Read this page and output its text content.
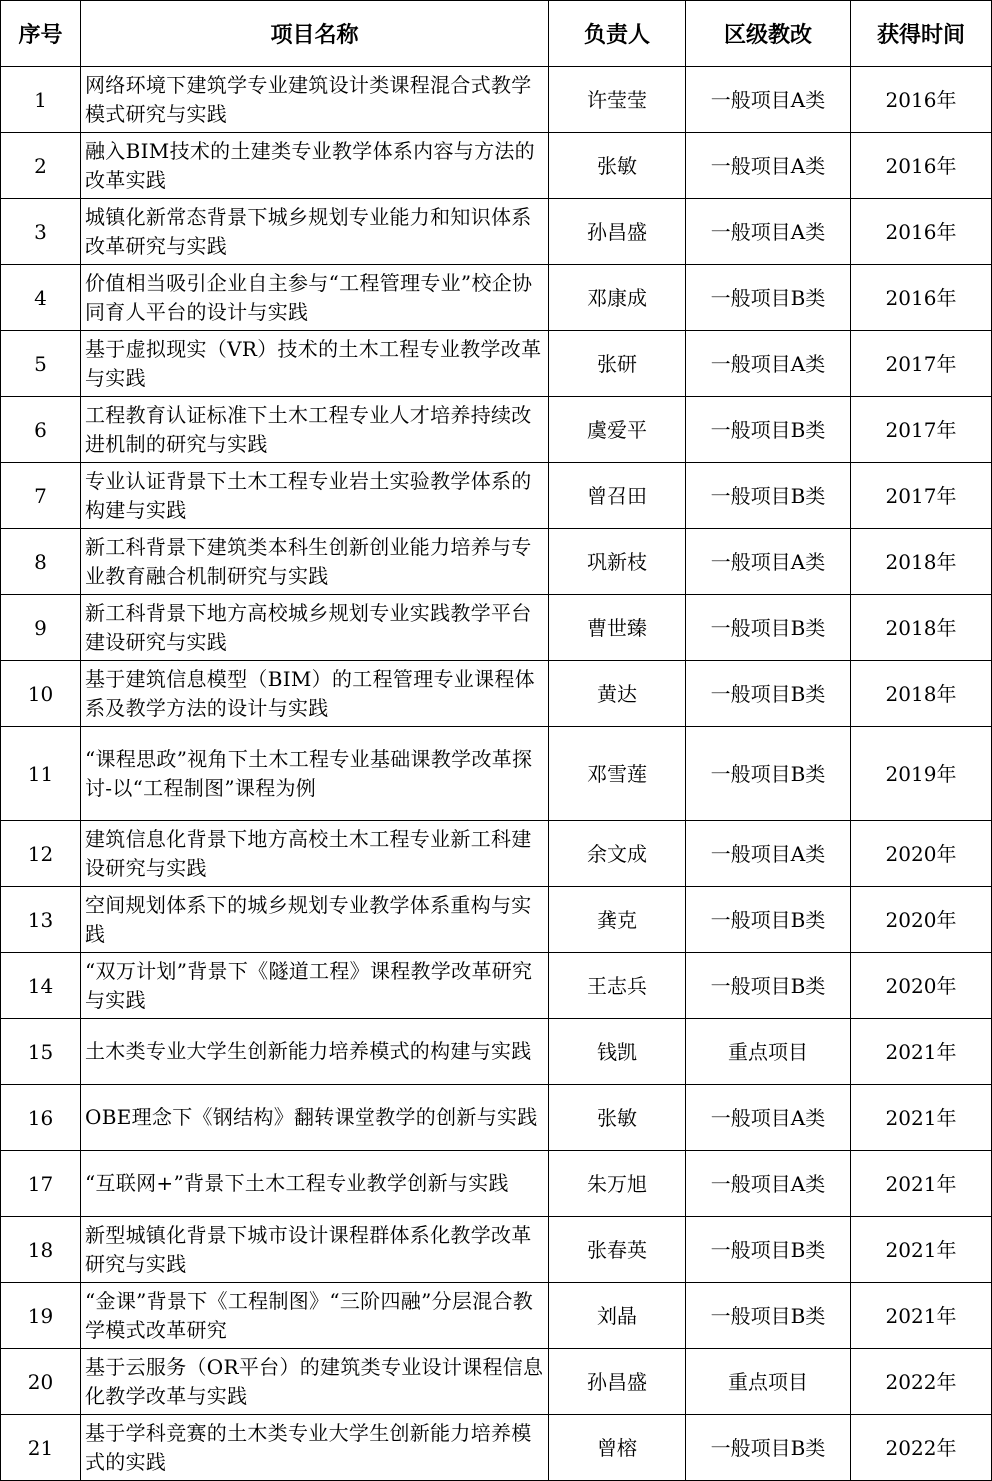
序号	项目名称	负责人	区级教改	获得时间
1	网络环境下建筑学专业建筑设计类课程混合式教学模式研究与实践	许莹莹	一般项目A类	2016年
2	融入BIM技术的土建类专业教学体系内容与方法的改革实践	张敏	一般项目A类	2016年
3	城镇化新常态背景下城乡规划专业能力和知识体系改革研究与实践	孙昌盛	一般项目A类	2016年
4	价值相当吸引企业自主参与“工程管理专业”校企协同育人平台的设计与实践	邓康成	一般项目B类	2016年
5	基于虚拟现实（VR）技术的土木工程专业教学改革与实践	张研	一般项目A类	2017年
6	工程教育认证标准下土木工程专业人才培养持续改进机制的研究与实践	虞爱平	一般项目B类	2017年
7	专业认证背景下土木工程专业岩土实验教学体系的构建与实践	曾召田	一般项目B类	2017年
8	新工科背景下建筑类本科生创新创业能力培养与专业教育融合机制研究与实践	巩新枝	一般项目A类	2018年
9	新工科背景下地方高校城乡规划专业实践教学平台建设研究与实践	曹世臻	一般项目B类	2018年
10	基于建筑信息模型（BIM）的工程管理专业课程体系及教学方法的设计与实践	黄达	一般项目B类	2018年
11	“课程思政”视角下土木工程专业基础课教学改革探讨-以“工程制图”课程为例	邓雪莲	一般项目B类	2019年
12	建筑信息化背景下地方高校土木工程专业新工科建设研究与实践	余文成	一般项目A类	2020年
13	空间规划体系下的城乡规划专业教学体系重构与实践	龚克	一般项目B类	2020年
14	“双万计划”背景下《隧道工程》课程教学改革研究与实践	王志兵	一般项目B类	2020年
15	土木类专业大学生创新能力培养模式的构建与实践	钱凯	重点项目	2021年
16	OBE理念下《钢结构》翻转课堂教学的创新与实践	张敏	一般项目A类	2021年
17	“互联网+”背景下土木工程专业教学创新与实践	朱万旭	一般项目A类	2021年
18	新型城镇化背景下城市设计课程群体系化教学改革研究与实践	张春英	一般项目B类	2021年
19	“金课”背景下《工程制图》“三阶四融”分层混合教学模式改革研究	刘晶	一般项目B类	2021年
20	基于云服务（OR平台）的建筑类专业设计课程信息化教学改革与实践	孙昌盛	重点项目	2022年
21	基于学科竞赛的土木类专业大学生创新能力培养模式的实践	曾榕	一般项目B类	2022年
